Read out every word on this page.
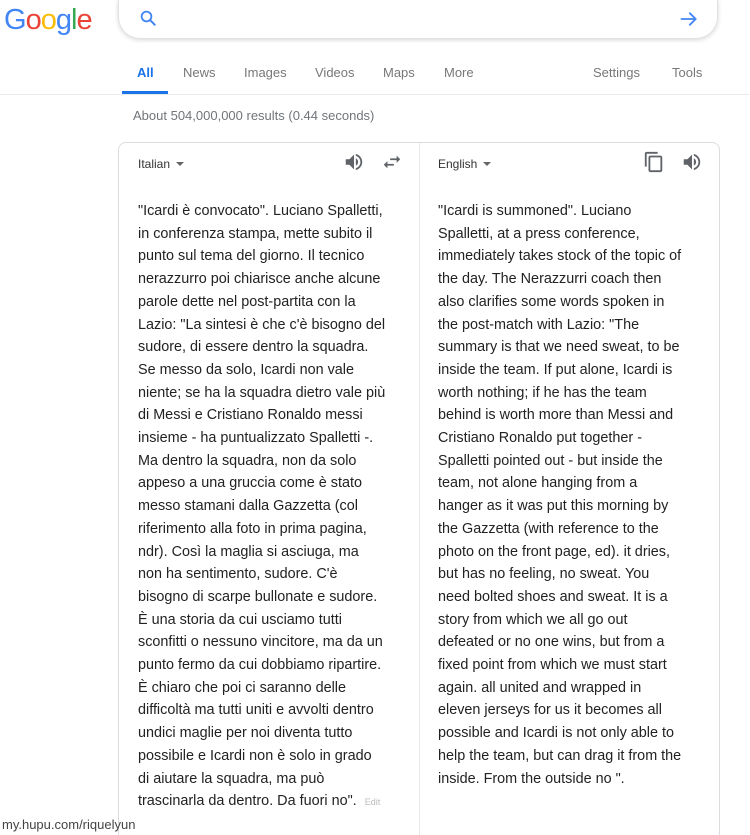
Google
All News Images Videos Maps More	Settings Tools
About 504,000,000 results (0.44 seconds)
Italian	English
"Icardi è convocato". Luciano Spalletti,
in conferenza stampa, mette subito il
punto sul tema del giorno. Il tecnico
nerazzurro poi chiarisce anche alcune
parole dette nel post-partita con la
Lazio: "La sintesi è che c'è bisogno del
sudore, di essere dentro la squadra.
Se messo da solo, Icardi non vale
niente; se ha la squadra dietro vale più
di Messi e Cristiano Ronaldo messi
insieme - ha puntualizzato Spalletti -.
Ma dentro la squadra, non da solo
appeso a una gruccia come è stato
messo stamani dalla Gazzetta (col
riferimento alla foto in prima pagina,
ndr). Così la maglia si asciuga, ma
non ha sentimento, sudore. C'è
bisogno di scarpe bullonate e sudore.
È una storia da cui usciamo tutti
sconfitti o nessuno vincitore, ma da un
punto fermo da cui dobbiamo ripartire.
È chiaro che poi ci saranno delle
difficoltà ma tutti uniti e avvolti dentro
undici maglie per noi diventa tutto
possibile e Icardi non è solo in grado
di aiutare la squadra, ma può
trascinarla da dentro. Da fuori no". Edit
"Icardi is summoned". Luciano
Spalletti, at a press conference,
immediately takes stock of the topic of
the day. The Nerazzurri coach then
also clarifies some words spoken in
the post-match with Lazio: "The
summary is that we need sweat, to be
inside the team. If put alone, Icardi is
worth nothing; if he has the team
behind is worth more than Messi and
Cristiano Ronaldo put together -
Spalletti pointed out - but inside the
team, not alone hanging from a
hanger as it was put this morning by
the Gazzetta (with reference to the
photo on the front page, ed). it dries,
but has no feeling, no sweat. You
need bolted shoes and sweat. It is a
story from which we all go out
defeated or no one wins, but from a
fixed point from which we must start
again. all united and wrapped in
eleven jerseys for us it becomes all
possible and Icardi is not only able to
help the team, but can drag it from the
inside. From the outside no ".
my.hupu.com/riquelyun
